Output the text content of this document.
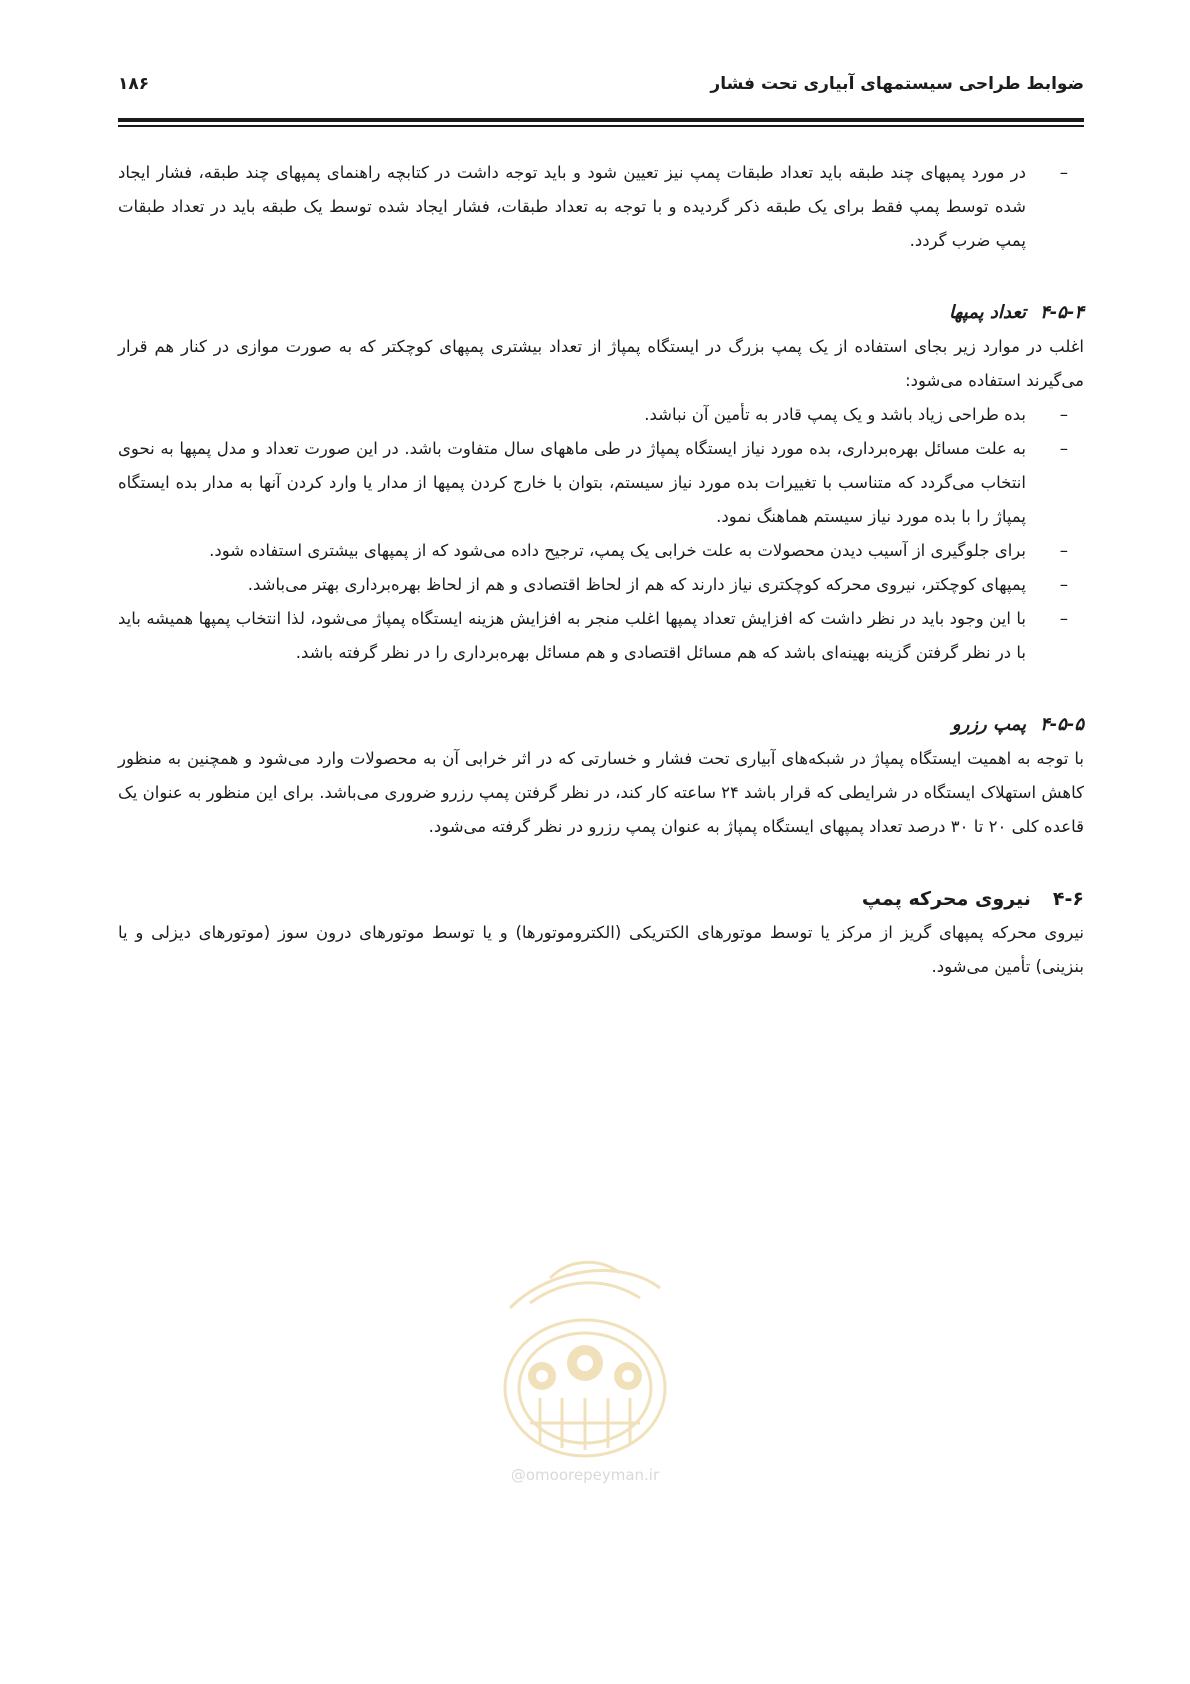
ضوابط طراحی سیستمهای آبیاری تحت فشار
۱۸۶

–
در مورد پمپهای چند طبقه باید تعداد طبقات پمپ نیز تعیین شود و باید توجه داشت در کتابچه راهنمای پمپهای چند طبقه، فشار ایجاد شده توسط پمپ فقط برای یک طبقه ذکر گردیده و با توجه به تعداد طبقات، فشار ایجاد شده توسط یک طبقه باید در تعداد طبقات پمپ ضرب گردد.

۴-۵-۴تعداد پمپها

اغلب در موارد زیر بجای استفاده از یک پمپ بزرگ در ایستگاه پمپاژ از تعداد بیشتری پمپهای کوچکتر که به صورت موازی در کنار هم قرار می‌گیرند استفاده می‌شود:

–
بده طراحی زیاد باشد و یک پمپ قادر به تأمین آن نباشد.

–
به علت مسائل بهره‌برداری، بده مورد نیاز ایستگاه پمپاژ در طی ماههای سال متفاوت باشد. در این صورت تعداد و مدل پمپها به نحوی انتخاب می‌گردد که متناسب با تغییرات بده مورد نیاز سیستم، بتوان با خارج کردن پمپها از مدار یا وارد کردن آنها به مدار بده ایستگاه پمپاژ را با بده مورد نیاز سیستم هماهنگ نمود.

–
برای جلوگیری از آسیب دیدن محصولات به علت خرابی یک پمپ، ترجیح داده می‌شود که از پمپهای بیشتری استفاده شود.

–
پمپهای کوچکتر، نیروی محرکه کوچکتری نیاز دارند که هم از لحاظ اقتصادی و هم از لحاظ بهره‌برداری بهتر می‌باشد.

–
با این وجود باید در نظر داشت که افزایش تعداد پمپها اغلب منجر به افزایش هزینه ایستگاه پمپاژ می‌شود، لذا انتخاب پمپها همیشه باید با در نظر گرفتن گزینه بهینه‌ای باشد که هم مسائل اقتصادی و هم مسائل بهره‌برداری را در نظر گرفته باشد.

۴-۵-۵پمپ رزرو

با توجه به اهمیت ایستگاه پمپاژ در شبکه‌های آبیاری تحت فشار و خسارتی که در اثر خرابی آن به محصولات وارد می‌شود و همچنین به منظور کاهش استهلاک ایستگاه در شرایطی که قرار باشد ۲۴ ساعته کار کند، در نظر گرفتن پمپ رزرو ضروری می‌باشد. برای این منظور به عنوان یک قاعده کلی ۲۰ تا ۳۰ درصد تعداد پمپهای ایستگاه پمپاژ به عنوان پمپ رزرو در نظر گرفته می‌شود.

۴-۶نیروی محرکه پمپ

نیروی محرکه پمپهای گریز از مرکز یا توسط موتورهای الکتریکی (الکتروموتورها) و یا توسط موتورهای درون سوز (موتورهای دیزلی و یا بنزینی) تأمین می‌شود.

@omoorepeyman.ir
